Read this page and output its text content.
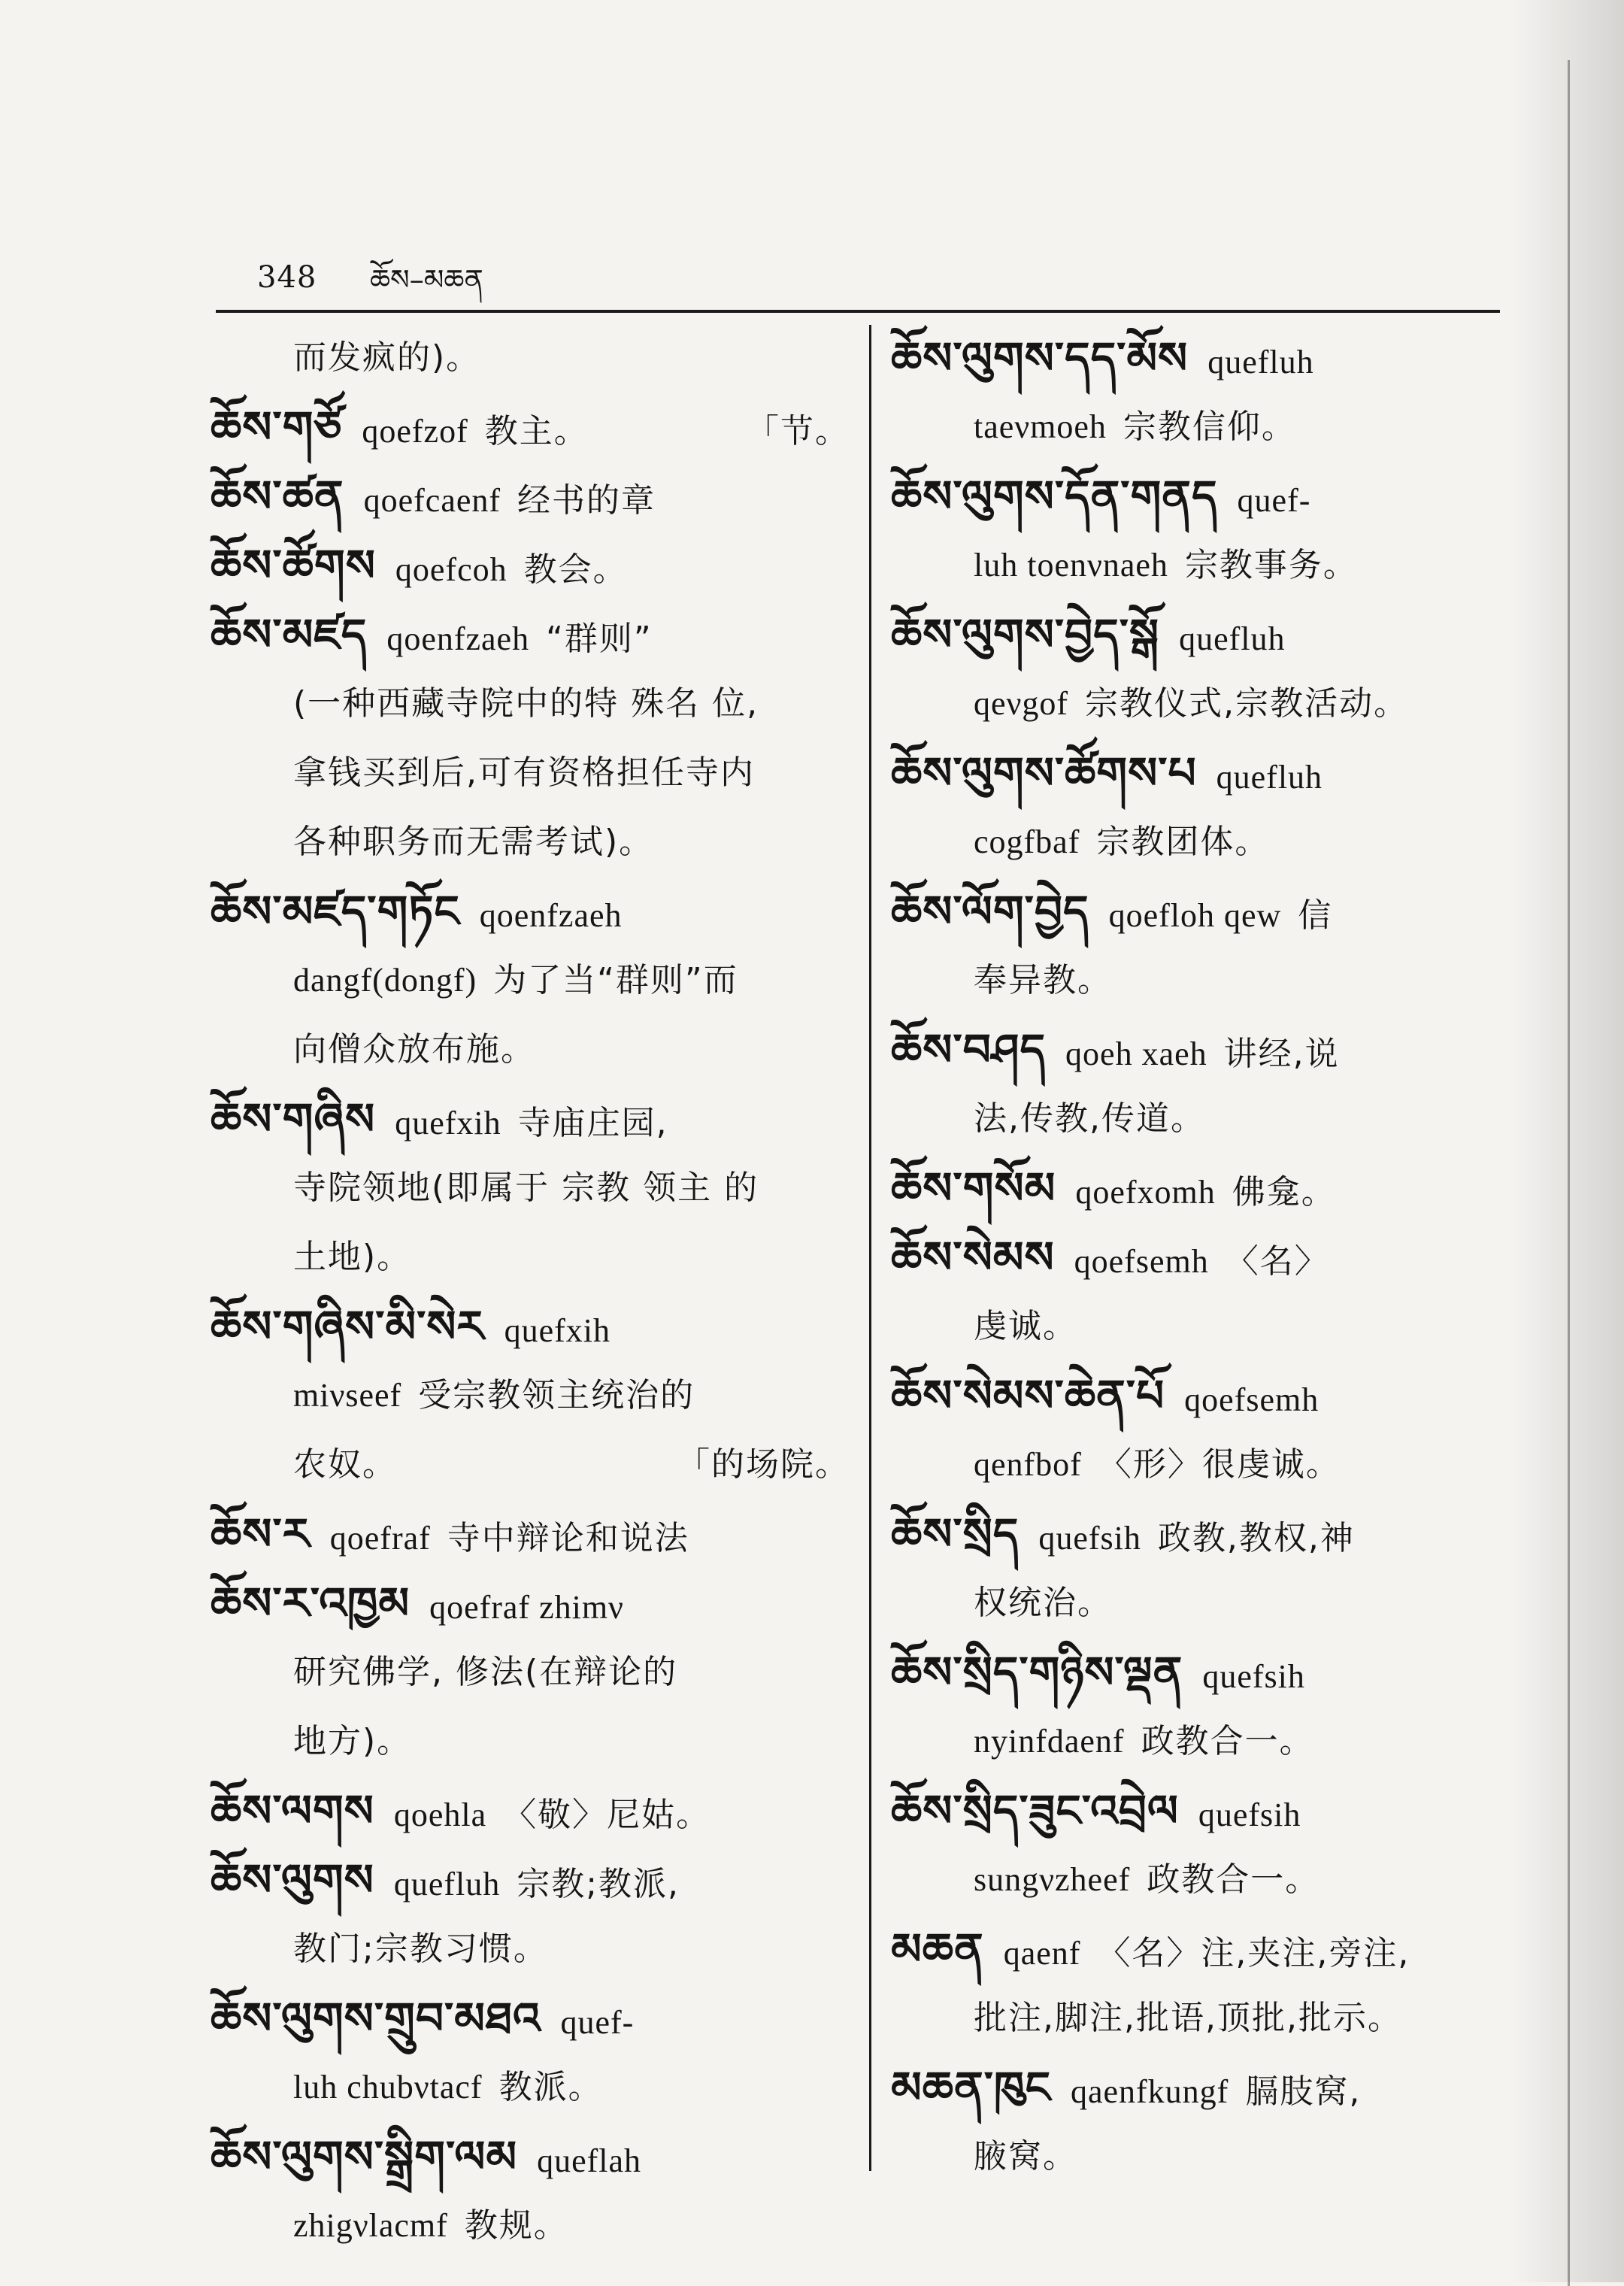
348 ཆོས–མཆན
而发疯的)。
ཆོས་གཙོ qoefzof 教主。	「节。
ཆོས་ཚན qoefcaenf 经书的章
ཆོས་ཚོགས qoefcoh 教会。
ཆོས་མཛད qoenfzaeh “群则”
(一种西藏寺院中的特 殊名 位,
拿钱买到后,可有资格担任寺内
各种职务而无需考试)。
ཆོས་མཛད་གཏོང qoenfzaeh
dangf(dongf) 为了当“群则”而
向僧众放布施。
ཆོས་གཞིས quefxih 寺庙庄园,
寺院领地(即属于 宗教 领主 的
土地)。
ཆོས་གཞིས་མི་སེར quefxih
miνseef 受宗教领主统治的
农奴。	「的场院。
ཆོས་ར qoefraf 寺中辩论和说法
ཆོས་ར་འཁྱམ qoefraf zhimν
研究佛学, 修法(在辩论的
地方)。
ཆོས་ལགས qoehla 〈敬〉尼姑。
ཆོས་ལུགས quefluh 宗教;教派,
教门;宗教习惯。
ཆོས་ལུགས་གྲུབ་མཐའ quef-
luh chubνtacf 教派。
ཆོས་ལུགས་སྒྲིག་ལམ queflah
zhigνlacmf 教规。
ཆོས་ལུགས་དད་མོས quefluh
taeνmoeh 宗教信仰。
ཆོས་ལུགས་དོན་གནད quef-
luh toenνnaeh 宗教事务。
ཆོས་ལུགས་བྱེད་སྒོ quefluh
qeνgof 宗教仪式,宗教活动。
ཆོས་ལུགས་ཚོགས་པ quefluh
cogfbaf 宗教团体。
ཆོས་ལོག་བྱེད qoefloh qew 信
奉异教。
ཆོས་བཤད qoeh xaeh 讲经,说
法,传教,传道。
ཆོས་གསོམ qoefxomh 佛龛。
ཆོས་སེམས qoefsemh 〈名〉
虔诚。
ཆོས་སེམས་ཆེན་པོ qoefsemh
qenfbof 〈形〉很虔诚。
ཆོས་སྲིད quefsih 政教,教权,神
权统治。
ཆོས་སྲིད་གཉིས་ལྡན quefsih
nyinfdaenf 政教合一。
ཆོས་སྲིད་ཟུང་འབྲེལ quefsih
sungνzheef 政教合一。
མཆན qaenf 〈名〉注,夹注,旁注,
批注,脚注,批语,顶批,批示。
མཆན་ཁུང qaenfkungf 膈肢窝,
腋窝。
